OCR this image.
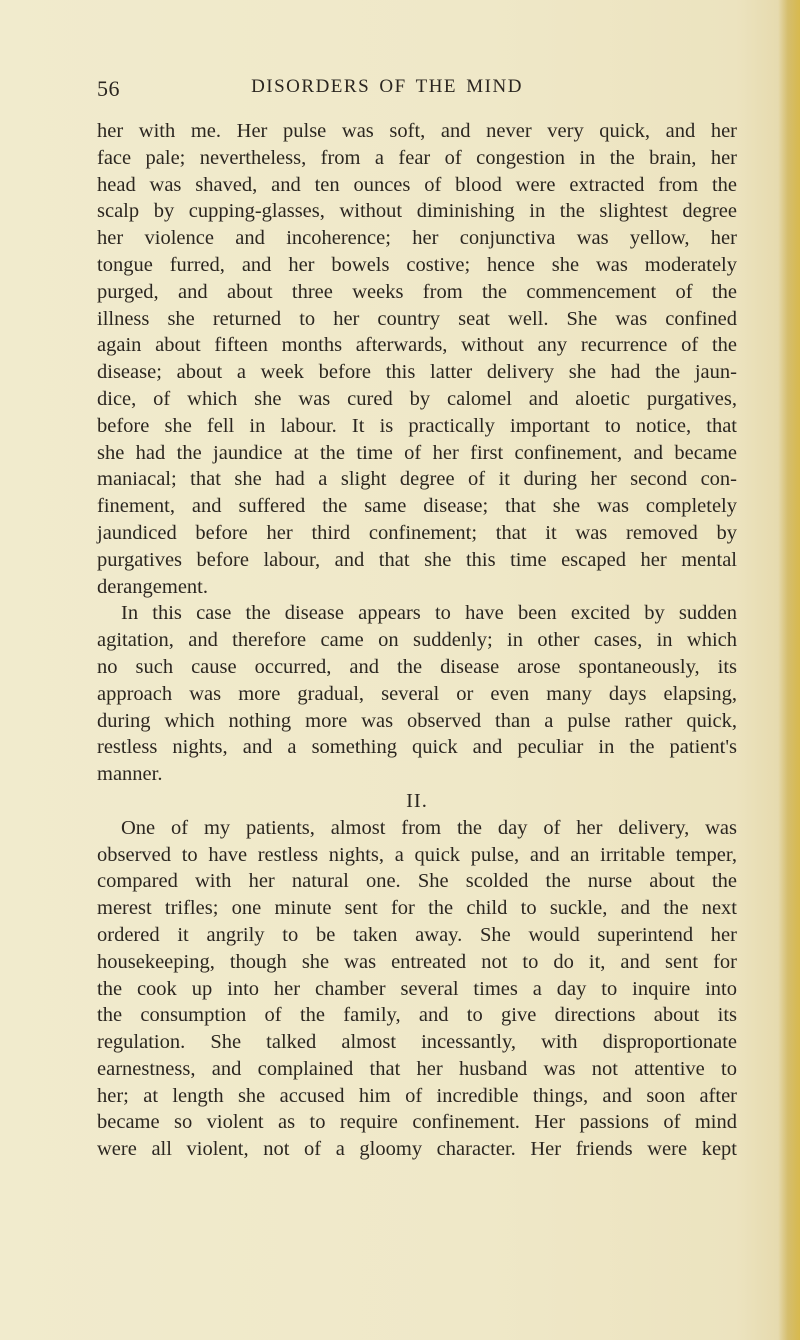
56	DISORDERS OF THE MIND
her with me. Her pulse was soft, and never very quick, and her
face pale; nevertheless, from a fear of congestion in the brain, her
head was shaved, and ten ounces of blood were extracted from the
scalp by cupping-glasses, without diminishing in the slightest degree
her violence and incoherence; her conjunctiva was yellow, her
tongue furred, and her bowels costive; hence she was moderately
purged, and about three weeks from the commencement of the
illness she returned to her country seat well. She was confined
again about fifteen months afterwards, without any recurrence of the
disease; about a week before this latter delivery she had the jaun-
dice, of which she was cured by calomel and aloetic purgatives,
before she fell in labour. It is practically important to notice, that
she had the jaundice at the time of her first confinement, and became
maniacal; that she had a slight degree of it during her second con-
finement, and suffered the same disease; that she was completely
jaundiced before her third confinement; that it was removed by
purgatives before labour, and that she this time escaped her mental
derangement.
In this case the disease appears to have been excited by sudden
agitation, and therefore came on suddenly; in other cases, in which
no such cause occurred, and the disease arose spontaneously, its
approach was more gradual, several or even many days elapsing,
during which nothing more was observed than a pulse rather quick,
restless nights, and a something quick and peculiar in the patient's
manner.
II.
One of my patients, almost from the day of her delivery, was
observed to have restless nights, a quick pulse, and an irritable temper,
compared with her natural one. She scolded the nurse about the
merest trifles; one minute sent for the child to suckle, and the next
ordered it angrily to be taken away. She would superintend her
housekeeping, though she was entreated not to do it, and sent for
the cook up into her chamber several times a day to inquire into
the consumption of the family, and to give directions about its
regulation. She talked almost incessantly, with disproportionate
earnestness, and complained that her husband was not attentive to
her; at length she accused him of incredible things, and soon after
became so violent as to require confinement. Her passions of mind
were all violent, not of a gloomy character. Her friends were kept
